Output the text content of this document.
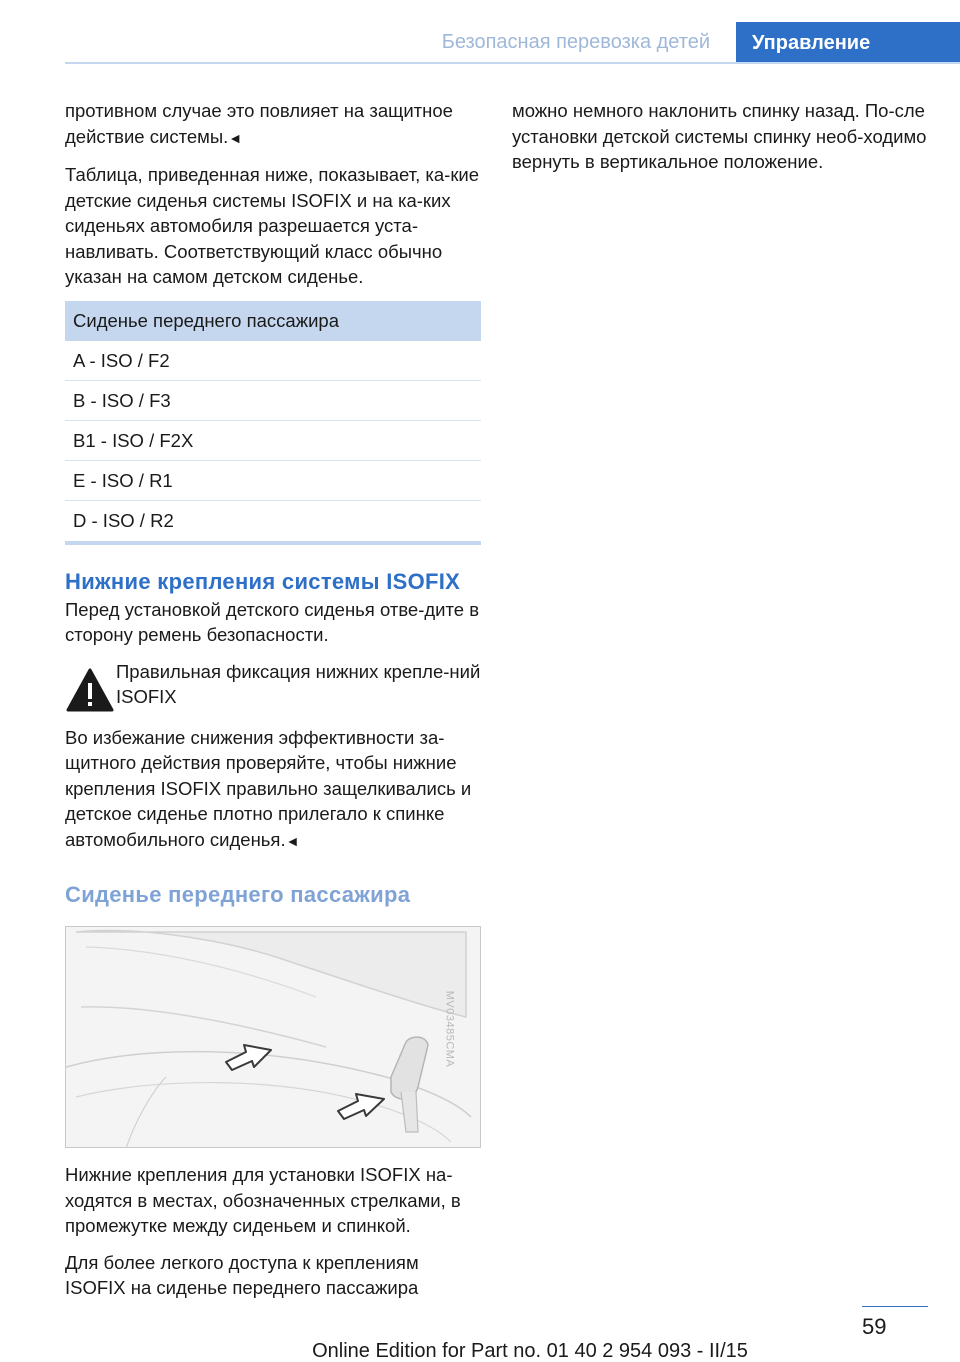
Безопасная перевозка детей	Управление

противном случае это повлияет на защитное
действие системы.◄

Таблица, приведенная ниже, показывает, ка-кие детские сиденья системы ISOFIX и на ка-ких сиденьях автомобиля разрешается уста-навливать. Соответствующий класс обычно указан на самом детском сиденье.

Сиденье переднего пассажира
A - ISO / F2
B - ISO / F3
B1 - ISO / F2X
E - ISO / R1
D - ISO / R2
Нижние крепления системы ISOFIX

Перед установкой детского сиденья отве-дите в сторону ремень безопасности.

Правильная фиксация нижних крепле-ний ISOFIX

Во избежание снижения эффективности за-щитного действия проверяйте, чтобы нижние крепления ISOFIX правильно защелкивались и детское сиденье плотно прилегало к спинке автомобильного сиденья.◄

Сиденье переднего пассажира
MV03485CMA

Нижние крепления для установки ISOFIX на-ходятся в местах, обозначенных стрелками, в промежутке между сиденьем и спинкой.

Для более легкого доступа к креплениям ISOFIX на сиденье переднего пассажира

можно немного наклонить спинку назад. По-сле установки детской системы спинку необ-ходимо вернуть в вертикальное положение.

59
Online Edition for Part no. 01 40 2 954 093 - II/15
